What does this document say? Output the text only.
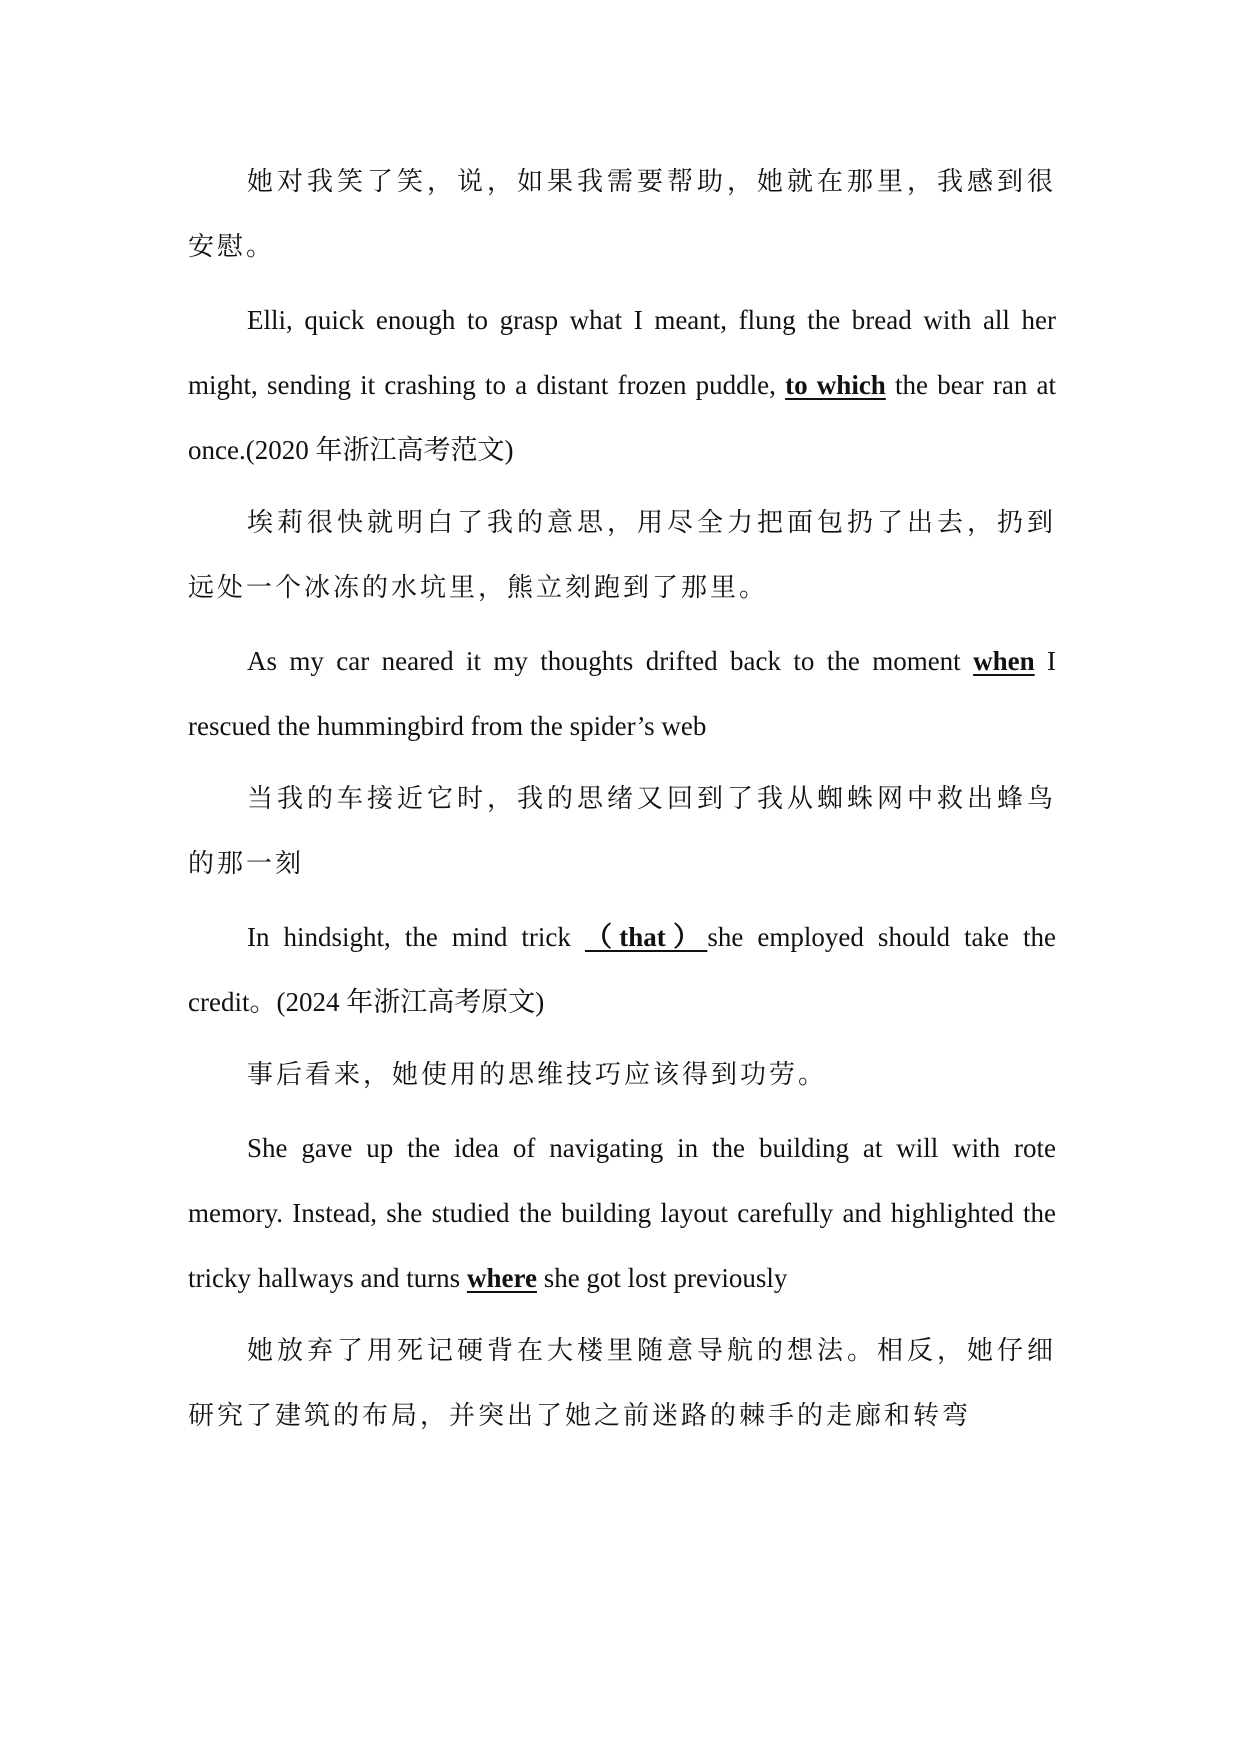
她对我笑了笑，说，如果我需要帮助，她就在那里，我感到很安慰。

Elli, quick enough to grasp what I meant, flung the bread with all her might, sending it crashing to a distant frozen puddle, to which the bear ran at once.(2020 年浙江高考范文)

埃莉很快就明白了我的意思，用尽全力把面包扔了出去，扔到远处一个冰冻的水坑里，熊立刻跑到了那里。

As my car neared it my thoughts drifted back to the moment when I rescued the hummingbird from the spider’s web

当我的车接近它时，我的思绪又回到了我从蜘蛛网中救出蜂鸟的那一刻

In hindsight, the mind trick （that）she employed should take the credit。(2024 年浙江高考原文)

事后看来，她使用的思维技巧应该得到功劳。

She gave up the idea of navigating in the building at will with rote memory. Instead, she studied the building layout carefully and highlighted the tricky hallways and turns where she got lost previously

她放弃了用死记硬背在大楼里随意导航的想法。相反，她仔细研究了建筑的布局，并突出了她之前迷路的棘手的走廊和转弯
